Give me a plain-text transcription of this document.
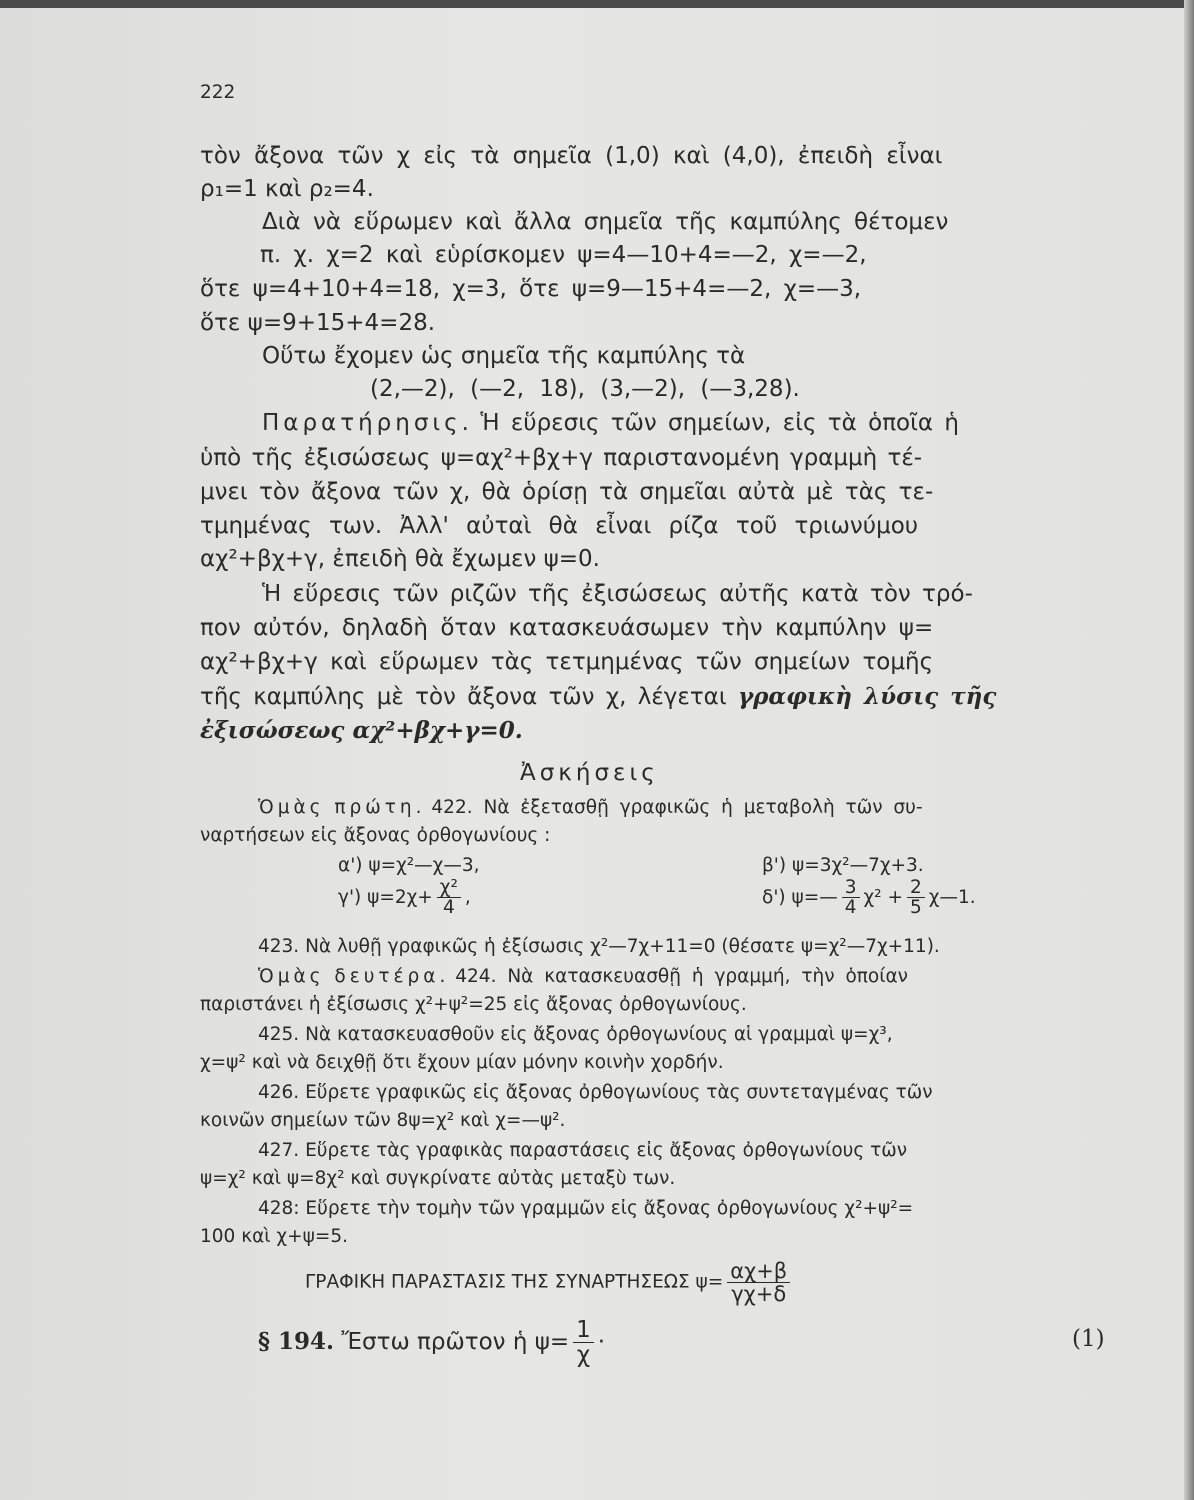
222
τὸν ἄξονα τῶν χ εἰς τὰ σημεῖα (1,0) καὶ (4,0), ἐπειδὴ εἶναι
ρ₁=1 καὶ ρ₂=4.
Διὰ νὰ εὕρωμεν καὶ ἄλλα σημεῖα τῆς καμπύλης θέτομεν
π. χ. χ=2 καὶ εὑρίσκομεν ψ=4—10+4=—2, χ=—2,
ὅτε ψ=4+10+4=18, χ=3, ὅτε ψ=9—15+4=—2, χ=—3,
ὅτε ψ=9+15+4=28.
Οὕτω ἔχομεν ὡς σημεῖα τῆς καμπύλης τὰ
(2,—2), (—2, 18), (3,—2), (—3,28).
Παρατήρησις. Ἡ εὕρεσις τῶν σημείων, εἰς τὰ ὁποῖα ἡ
ὑπὸ τῆς ἐξισώσεως ψ=αχ²+βχ+γ παριστανομένη γραμμὴ τέ-
μνει τὸν ἄξονα τῶν χ, θὰ ὁρίσῃ τὰ σημεῖαι αὐτὰ μὲ τὰς τε-
τμημένας των. Ἀλλ' αὐταὶ θὰ εἶναι ρίζα τοῦ τριωνύμου
αχ²+βχ+γ, ἐπειδὴ θὰ ἔχωμεν ψ=0.
Ἡ εὕρεσις τῶν ριζῶν τῆς ἐξισώσεως αὐτῆς κατὰ τὸν τρό-
πον αὐτόν, δηλαδὴ ὅταν κατασκευάσωμεν τὴν καμπύλην ψ=
αχ²+βχ+γ καὶ εὕρωμεν τὰς τετμημένας τῶν σημείων τομῆς
τῆς καμπύλης μὲ τὸν ἄξονα τῶν χ, λέγεται γραφικὴ λύσις τῆς
ἐξισώσεως αχ²+βχ+γ=0.
Ἀσκήσεις
Ὁμὰς πρώτη. 422. Νὰ ἐξετασθῇ γραφικῶς ἡ μεταβολὴ τῶν συ-
ναρτήσεων εἰς ἄξονας ὀρθογωνίους :
α') ψ=χ²—χ—3,	β') ψ=3χ²—7χ+3.
γ') $\psi=2\chi+ \frac{\text{χ²}}{4}$ ,	δ') ψ=— $\frac{3}{4} \chi^2 + \frac{2}{5}$ χ—1.
423. Νὰ λυθῇ γραφικῶς ἡ ἐξίσωσις χ²—7χ+11=0 (θέσατε ψ=χ²—7χ+11).
Ὁμὰς δευτέρα. 424. Νὰ κατασκευασθῇ ἡ γραμμή, τὴν ὁποίαν
παριστάνει ἡ ἐξίσωσις χ²+ψ²=25 εἰς ἄξονας ὀρθογωνίους.
425. Νὰ κατασκευασθοῦν εἰς ἄξονας ὀρθογωνίους αἱ γραμμαὶ ψ=χ³,
χ=ψ² καὶ νὰ δειχθῇ ὅτι ἔχουν μίαν μόνην κοινὴν χορδήν.
426. Εὕρετε γραφικῶς εἰς ἄξονας ὀρθογωνίους τὰς συντεταγμένας τῶν
κοινῶν σημείων τῶν 8ψ=χ² καὶ χ=—ψ².
427. Εὕρετε τὰς γραφικὰς παραστάσεις εἰς ἄξονας ὀρθογωνίους τῶν
ψ=χ² καὶ ψ=8χ² καὶ συγκρίνατε αὐτὰς μεταξὺ των.
428: Εὕρετε τὴν τομὴν τῶν γραμμῶν εἰς ἄξονας ὀρθογωνίους χ²+ψ²=
100 καὶ χ+ψ=5.
ΓΡΑΦΙΚΗ ΠΑΡΑΣΤΑΣΙΣ ΤΗΣ ΣΥΝΑΡΤΗΣΕΩΣ $\psi= \frac{\alpha\chi+\beta}{\gamma\chi+\delta}$
§ 194. Ἔστω πρῶτον ἡ $\psi= \frac{1}{\chi}$ ·	(1)
